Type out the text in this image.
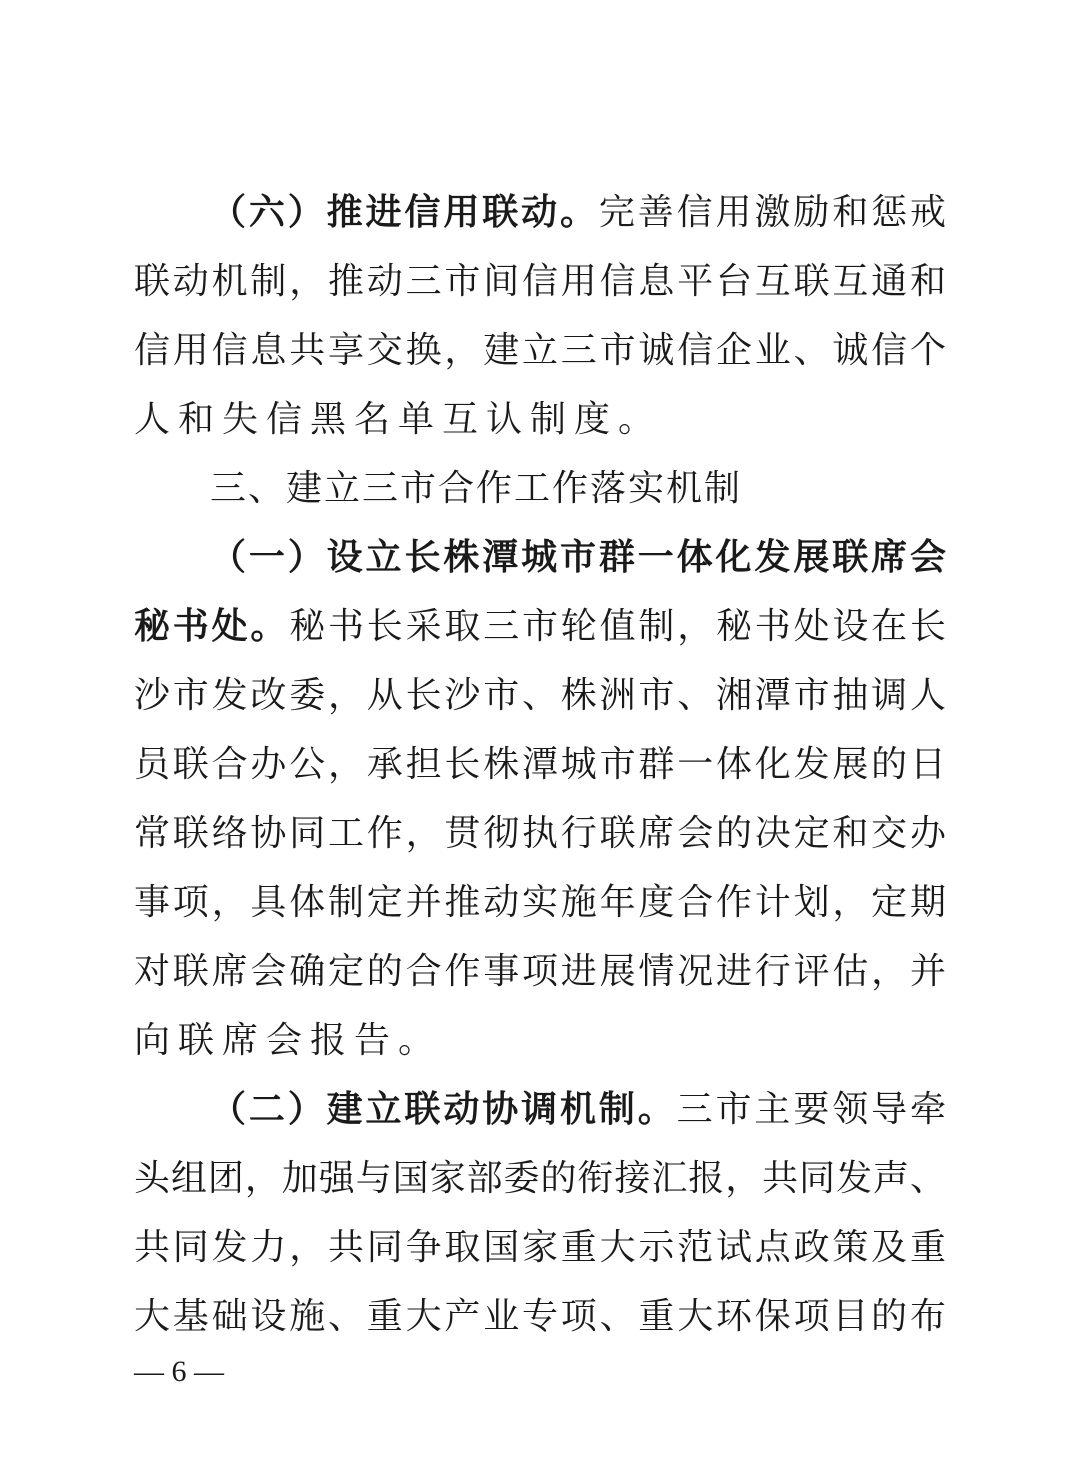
（六）推进信用联动。完善信用激励和惩戒
联动机制，推动三市间信用信息平台互联互通和
信用信息共享交换，建立三市诚信企业、诚信个
人和失信黑名单互认制度。
三、建立三市合作工作落实机制
（一）设立长株潭城市群一体化发展联席会
秘书处。秘书长采取三市轮值制，秘书处设在长
沙市发改委，从长沙市、株洲市、湘潭市抽调人
员联合办公，承担长株潭城市群一体化发展的日
常联络协同工作，贯彻执行联席会的决定和交办
事项，具体制定并推动实施年度合作计划，定期
对联席会确定的合作事项进展情况进行评估，并
向联席会报告。
（二）建立联动协调机制。三市主要领导牵
头组团，加强与国家部委的衔接汇报，共同发声、
共同发力，共同争取国家重大示范试点政策及重
大基础设施、重大产业专项、重大环保项目的布
— 6 —
